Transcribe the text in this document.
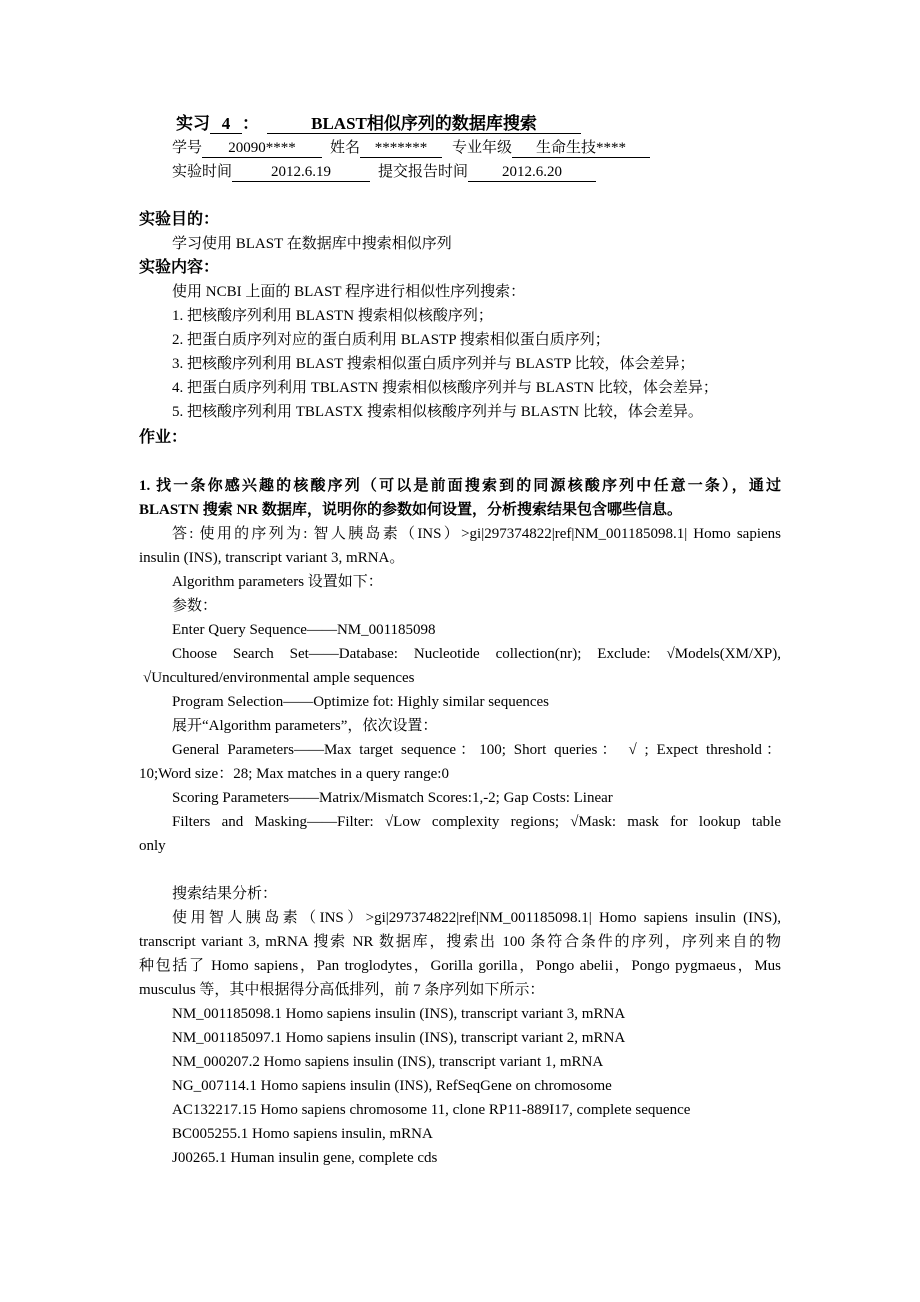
实习 4 ：	BLAST相似序列的数据库搜索
学号 20090**** 姓名 ******* 专业年级 生命生技****
实验时间	2012.6.19	提交报告时间 2012.6.20
实验目的：
学习使用 BLAST 在数据库中搜索相似序列
实验内容：
使用 NCBI 上面的 BLAST 程序进行相似性序列搜索：
1. 把核酸序列利用 BLASTN 搜索相似核酸序列；
2. 把蛋白质序列对应的蛋白质利用 BLASTP 搜索相似蛋白质序列；
3. 把核酸序列利用 BLAST 搜索相似蛋白质序列并与 BLASTP 比较，体会差异；
4. 把蛋白质序列利用 TBLASTN 搜索相似核酸序列并与 BLASTN 比较，体会差异；
5. 把核酸序列利用 TBLASTX 搜索相似核酸序列并与 BLASTN 比较，体会差异。
作业：
1. 找一条你感兴趣的核酸序列（可以是前面搜索到的同源核酸序列中任意一条），通过
BLASTN 搜索 NR 数据库，说明你的参数如何设置，分析搜索结果包含哪些信息。
答: 使用的序列为: 智人胰岛素（INS）>gi|297374822|ref|NM_001185098.1| Homo sapiens
insulin (INS), transcript variant 3, mRNA。
Algorithm parameters 设置如下：
参数：
Enter Query Sequence——NM_001185098
Choose Search Set——Database: Nucleotide collection(nr); Exclude: √Models(XM/XP),
√Uncultured/environmental ample sequences
Program Selection——Optimize fot: Highly similar sequences
展开“Algorithm parameters”，依次设置：
General Parameters——Max target sequence：100; Short queries： √ ; Expect threshold：
10;Word size：28; Max matches in a query range:0
Scoring Parameters——Matrix/Mismatch Scores:1,-2; Gap Costs: Linear
Filters and Masking——Filter: √Low complexity regions; √Mask: mask for lookup table
only
搜索结果分析：
使用智人胰岛素（INS）>gi|297374822|ref|NM_001185098.1| Homo sapiens insulin (INS),
transcript variant 3, mRNA 搜索 NR 数据库，搜索出 100 条符合条件的序列，序列来自的物
种包括了 Homo sapiens，Pan troglodytes，Gorilla gorilla，Pongo abelii，Pongo pygmaeus，Mus
musculus 等，其中根据得分高低排列，前 7 条序列如下所示：
NM_001185098.1 Homo sapiens insulin (INS), transcript variant 3, mRNA
NM_001185097.1 Homo sapiens insulin (INS), transcript variant 2, mRNA
NM_000207.2 Homo sapiens insulin (INS), transcript variant 1, mRNA
NG_007114.1 Homo sapiens insulin (INS), RefSeqGene on chromosome
AC132217.15 Homo sapiens chromosome 11, clone RP11-889I17, complete sequence
BC005255.1 Homo sapiens insulin, mRNA
J00265.1 Human insulin gene, complete cds
